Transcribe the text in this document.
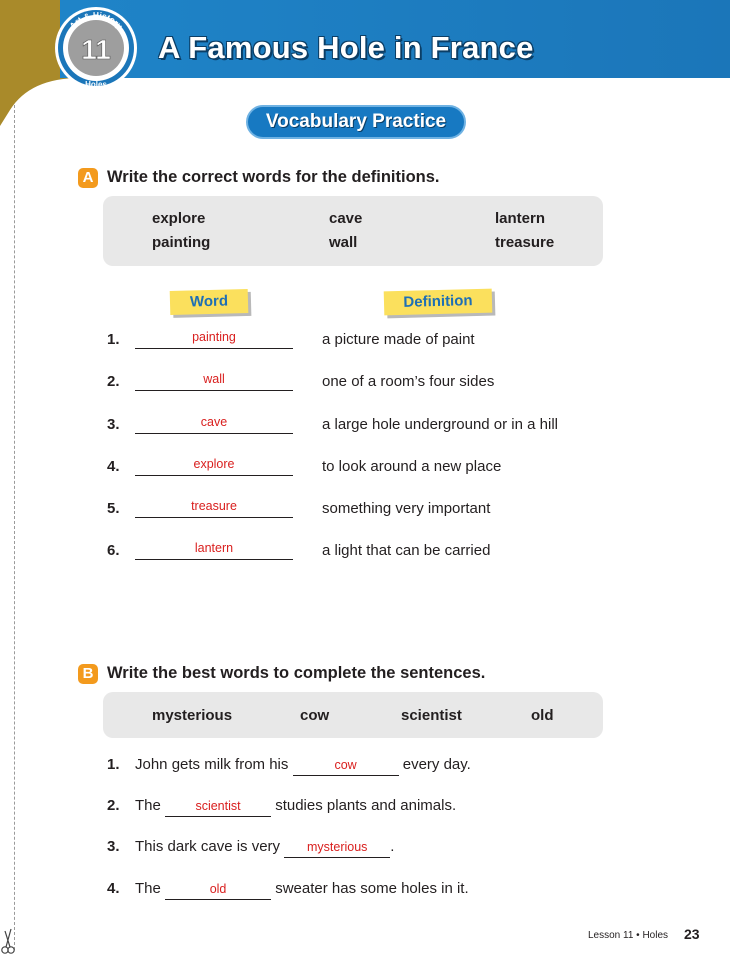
Art & History
11
Holes
A Famous Hole in France
Vocabulary Practice
A Write the correct words for the definitions.

explore	cave	lantern
painting	wall	treasure
Word	Definition
1.	painting	a picture made of paint
2.	wall	one of a room’s four sides
3.	cave	a large hole underground or in a hill
4.	explore	to look around a new place
5.	treasure	something very important
6.	lantern	a light that can be carried
B Write the best words to complete the sentences.

mysterious	cow	scientist	old
1. John gets milk from his	cow	every day.
2. The	scientist studies plants and animals.
3. This dark cave is very mysterious .
4. The	old	sweater has some holes in it.
Lesson 11 • Holes 23
